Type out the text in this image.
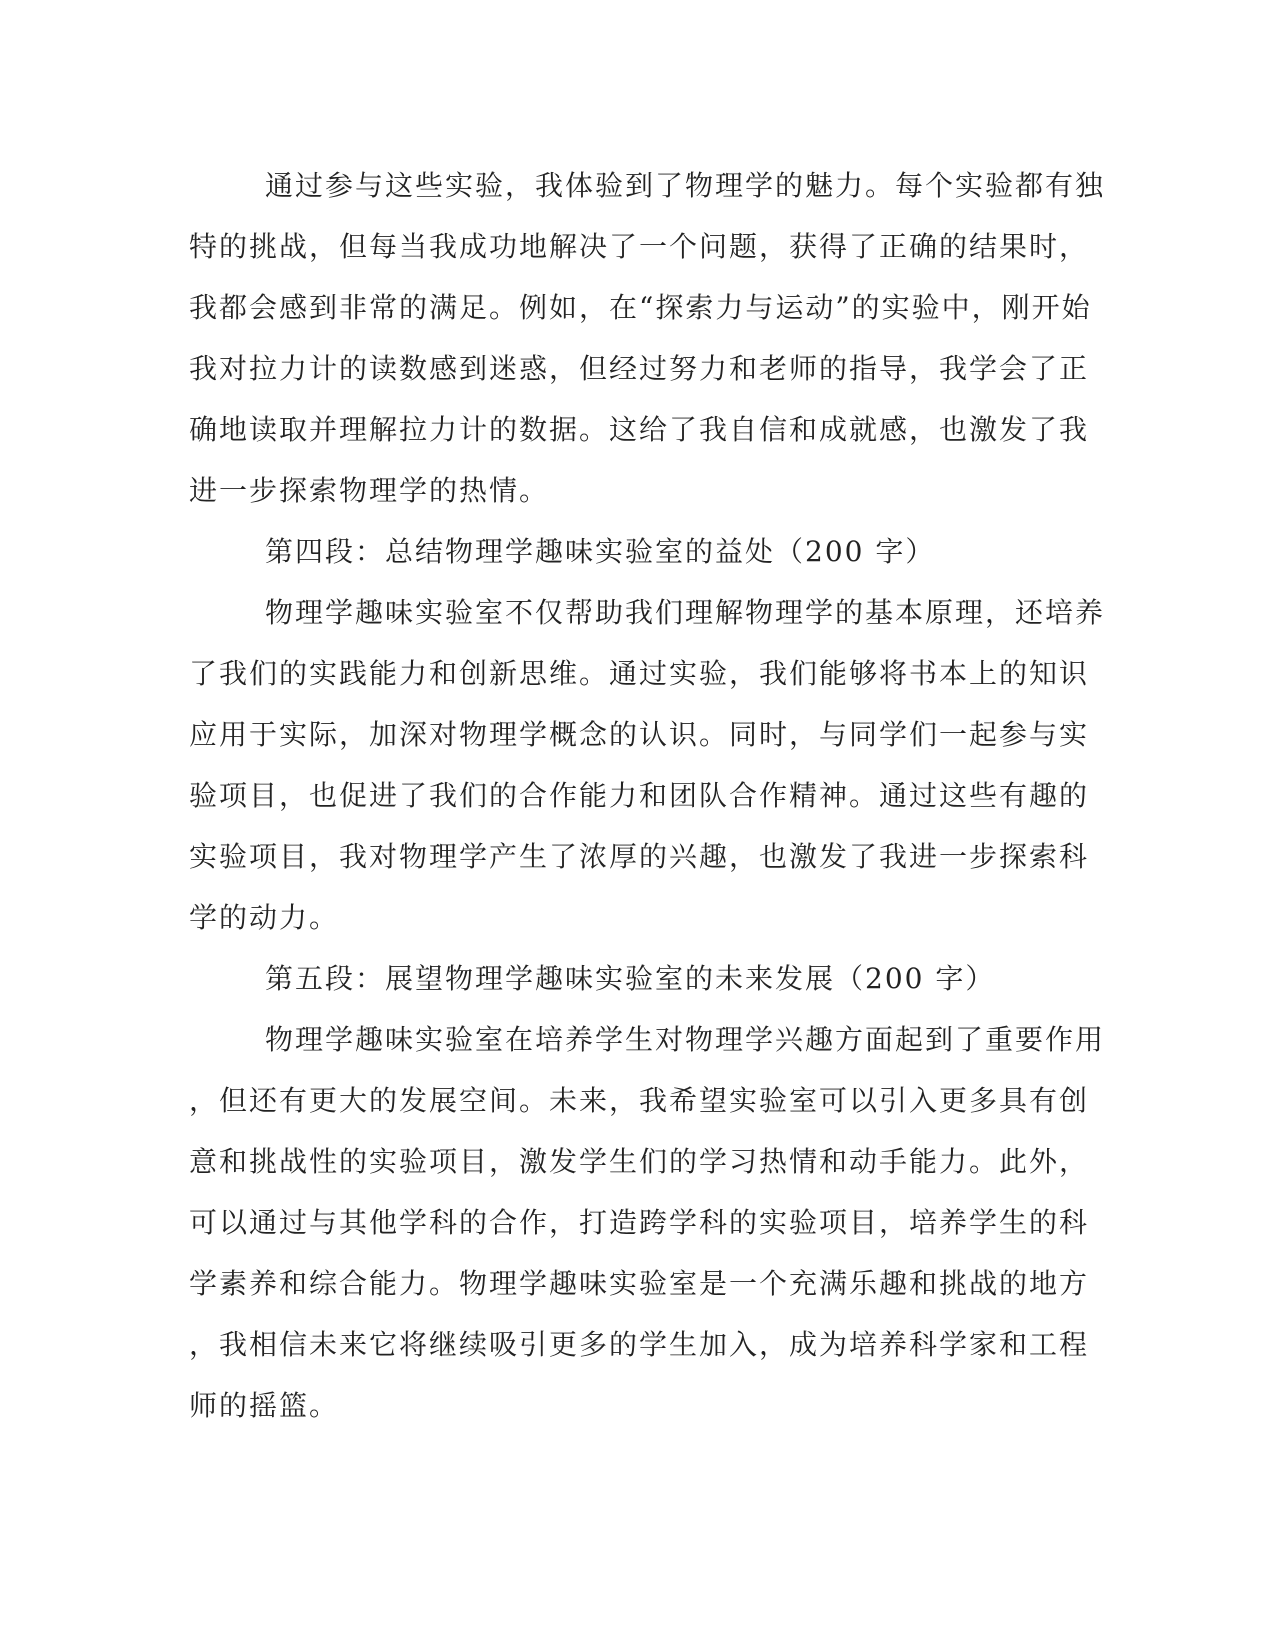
通过参与这些实验，我体验到了物理学的魅力。每个实验都有独
特的挑战，但每当我成功地解决了一个问题，获得了正确的结果时，
我都会感到非常的满足。例如，在“探索力与运动”的实验中，刚开始
我对拉力计的读数感到迷惑，但经过努力和老师的指导，我学会了正
确地读取并理解拉力计的数据。这给了我自信和成就感，也激发了我
进一步探索物理学的热情。
第四段：总结物理学趣味实验室的益处（200 字）
物理学趣味实验室不仅帮助我们理解物理学的基本原理，还培养
了我们的实践能力和创新思维。通过实验，我们能够将书本上的知识
应用于实际，加深对物理学概念的认识。同时，与同学们一起参与实
验项目，也促进了我们的合作能力和团队合作精神。通过这些有趣的
实验项目，我对物理学产生了浓厚的兴趣，也激发了我进一步探索科
学的动力。
第五段：展望物理学趣味实验室的未来发展（200 字）
物理学趣味实验室在培养学生对物理学兴趣方面起到了重要作用
，但还有更大的发展空间。未来，我希望实验室可以引入更多具有创
意和挑战性的实验项目，激发学生们的学习热情和动手能力。此外，
可以通过与其他学科的合作，打造跨学科的实验项目，培养学生的科
学素养和综合能力。物理学趣味实验室是一个充满乐趣和挑战的地方
，我相信未来它将继续吸引更多的学生加入，成为培养科学家和工程
师的摇篮。
